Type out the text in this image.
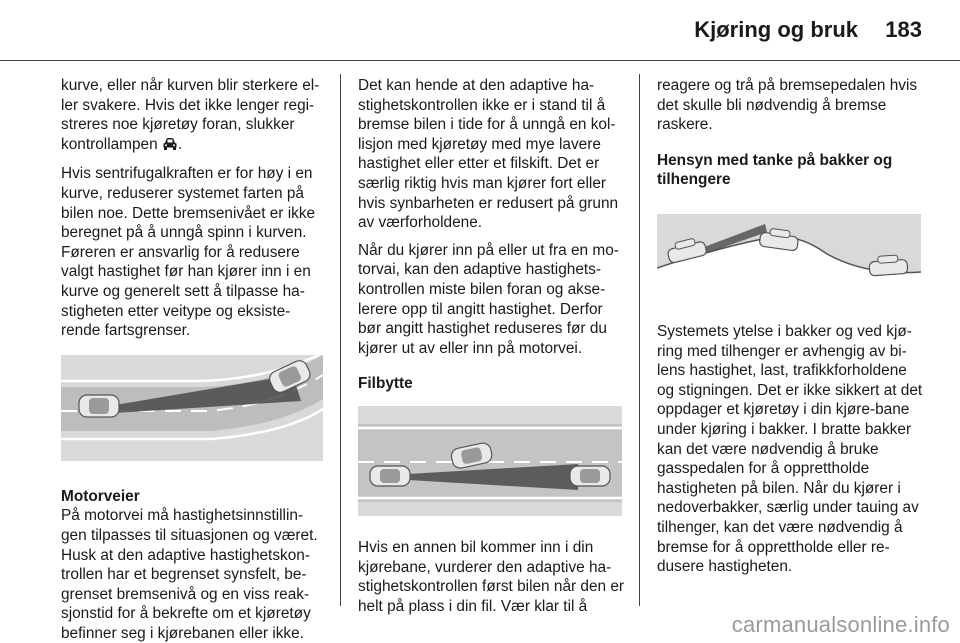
Kjøring og bruk 183

kurve, eller når kurven blir sterkere el-ler svakere. Hvis det ikke lenger regi-streres noe kjøretøy foran, slukker kontrollampen .

Hvis sentrifugalkraften er for høy i en kurve, reduserer systemet farten på bilen noe. Dette bremsenivået er ikke beregnet på å unngå spinn i kurven. Føreren er ansvarlig for å redusere valgt hastighet før han kjører inn i en kurve og generelt sett å tilpasse ha-stigheten etter veitype og eksiste-rende fartsgrenser.

Motorveier

På motorvei må hastighetsinnstillin-gen tilpasses til situasjonen og været. Husk at den adaptive hastighetskon-trollen har et begrenset synsfelt, be-grenset bremsenivå og en viss reak-sjonstid for å bekrefte om et kjøretøy befinner seg i kjørebanen eller ikke.

Det kan hende at den adaptive ha-stighetskontrollen ikke er i stand til å bremse bilen i tide for å unngå en kol-lisjon med kjøretøy med mye lavere hastighet eller etter et filskift. Det er særlig riktig hvis man kjører fort eller hvis synbarheten er redusert på grunn av værforholdene.

Når du kjører inn på eller ut fra en mo-torvai, kan den adaptive hastighets-kontrollen miste bilen foran og akse-lerere opp til angitt hastighet. Derfor bør angitt hastighet reduseres før du kjører ut av eller inn på motorvei.

Filbytte

Hvis en annen bil kommer inn i din kjørebane, vurderer den adaptive ha-stighetskontrollen først bilen når den er helt på plass i din fil. Vær klar til å

reagere og trå på bremsepedalen hvis det skulle bli nødvendig å bremse raskere.

Hensyn med tanke på bakker og tilhengere

Systemets ytelse i bakker og ved kjø-ring med tilhenger er avhengig av bi-lens hastighet, last, trafikkforholdene og stigningen. Det er ikke sikkert at det oppdager et kjøretøy i din kjøre-bane under kjøring i bakker. I bratte bakker kan det være nødvendig å bruke gasspedalen for å opprettholde hastigheten på bilen. Når du kjører i nedoverbakker, særlig under tauing av tilhenger, kan det være nødvendig å bremse for å opprettholde eller re-dusere hastigheten.

carmanualsonline.info
